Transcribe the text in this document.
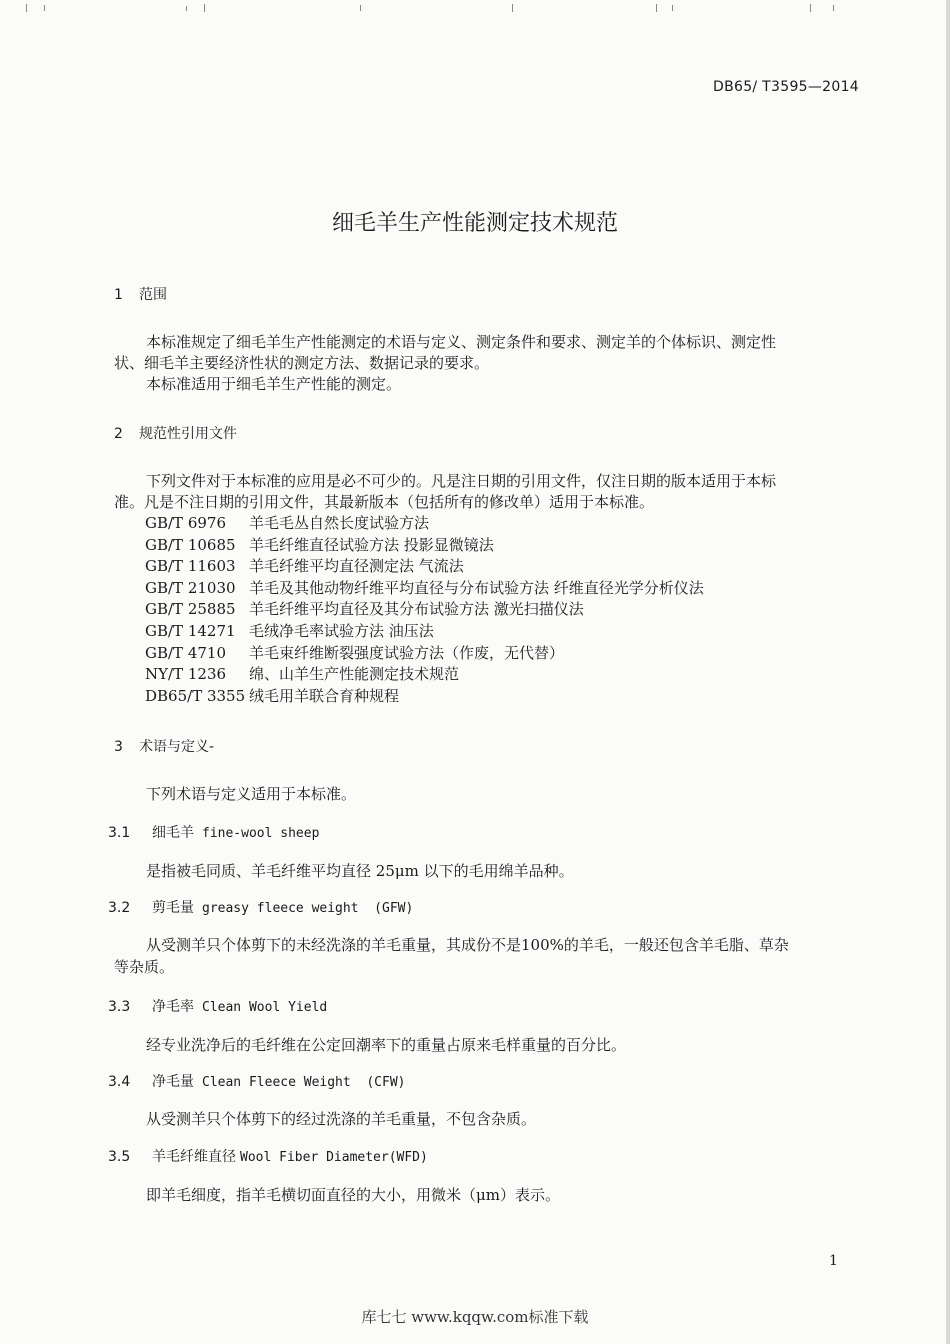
DB65/ T3595—2014
细毛羊生产性能测定技术规范
1 范围
本标准规定了细毛羊生产性能测定的术语与定义、测定条件和要求、测定羊的个体标识、测定性
状、细毛羊主要经济性状的测定方法、数据记录的要求。
本标准适用于细毛羊生产性能的测定。
2 规范性引用文件
下列文件对于本标准的应用是必不可少的。凡是注日期的引用文件，仅注日期的版本适用于本标
准。凡是不注日期的引用文件，其最新版本（包括所有的修改单）适用于本标准。
GB/T 6976	羊毛毛丛自然长度试验方法
GB/T 10685 羊毛纤维直径试验方法 投影显微镜法
GB/T 11603 羊毛纤维平均直径测定法 气流法
GB/T 21030 羊毛及其他动物纤维平均直径与分布试验方法 纤维直径光学分析仪法
GB/T 25885 羊毛纤维平均直径及其分布试验方法 激光扫描仪法
GB/T 14271 毛绒净毛率试验方法 油压法
GB/T 4710	羊毛束纤维断裂强度试验方法（作废，无代替）
NY/T 1236	绵、山羊生产性能测定技术规范
DB65/T 3355 绒毛用羊联合育种规程
3 术语与定义-
下列术语与定义适用于本标准。
3.1 细毛羊 fine-wool sheep
是指被毛同质、羊毛纤维平均直径 25μm 以下的毛用绵羊品种。
3.2 剪毛量 greasy fleece weight  (GFW)
从受测羊只个体剪下的未经洗涤的羊毛重量，其成份不是100%的羊毛，一般还包含羊毛脂、草杂
等杂质。
3.3 净毛率 Clean Wool Yield
经专业洗净后的毛纤维在公定回潮率下的重量占原来毛样重量的百分比。
3.4 净毛量 Clean Fleece Weight  (CFW)
从受测羊只个体剪下的经过洗涤的羊毛重量，不包含杂质。
3.5 羊毛纤维直径 Wool Fiber Diameter(WFD)
即羊毛细度，指羊毛横切面直径的大小，用微米（μm）表示。
1
库七七 www.kqqw.com标准下载
